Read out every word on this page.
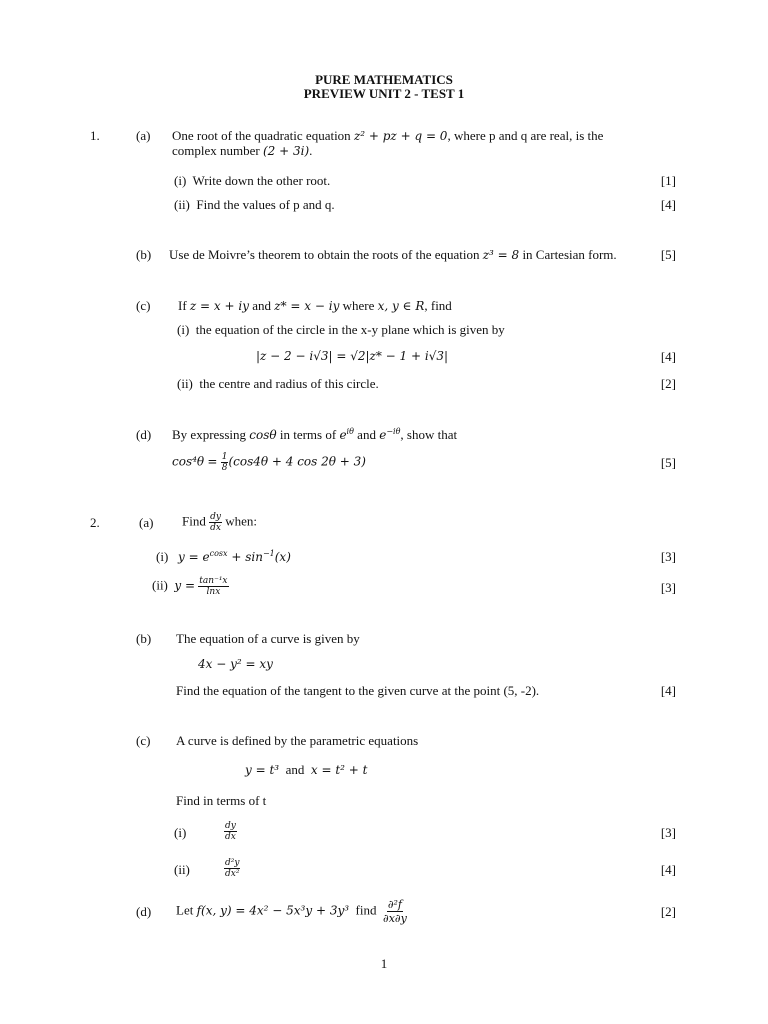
PURE MATHEMATICS
PREVIEW UNIT 2 - TEST 1
1.	(a) One root of the quadratic equation z² + pz + q = 0, where p and q are real, is the
complex number (2 + 3i).
(i) Write down the other root.	[1]
(ii) Find the values of p and q.	[4]
(b) Use de Moivre’s theorem to obtain the roots of the equation z³ = 8 in Cartesian form.	[5]
(c) If z = x + iy and z* = x − iy where x, y ∈ R, find
(i) the equation of the circle in the x-y plane which is given by
|z − 2 − i√3| = √2|z* − 1 + i√3|	[4]
(ii) the centre and radius of this circle.	[2]
(d) By expressing cosθ in terms of $e^{i\theta}$ and $e^{-i\theta}$, show that
$\cos^4\theta = \frac{1}{8} (\cos 4\theta + 4$ cos 2θ + 3)	[5]
2.	(a) Find $\frac{dy}{dx}$ when:
(i) $y = e^{cosx} + \sin^{-1}(x)$	[3]
(ii) $y = \frac{\text{tan⁻¹x}}{\ln x}$	[3]
(b) The equation of a curve is given by
4x − y² = xy
Find the equation of the tangent to the given curve at the point (5, -2).	[4]
(c) A curve is defined by the parametric equations
y = t³ and x = t² + t
Find in terms of t
(i)	$\frac{dy}{dx}$	[3]
(ii)	$\frac{\text{d²y}}{\text{dx²}}$	[4]
(d) Let f(x, y) = 4x² − 5x³y + 3y³ find $\frac{\text{∂²f}}{\partial x\partial y}$	[2]
1
